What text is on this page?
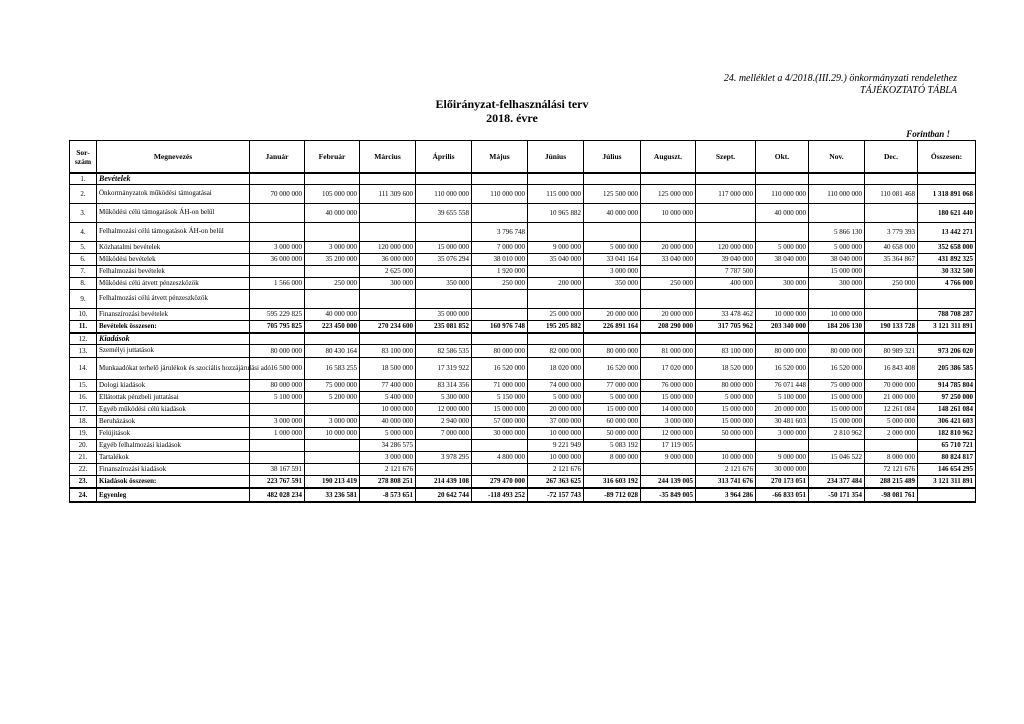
24. melléklet a 4/2018.(III.29.) önkormányzati rendelethez
TÁJÉKOZTATÓ TÁBLA
Előirányzat-felhasználási terv
2018. évre
Forintban !
Sor-
szám	Megnevezés	Január	Február	Március	Április	Május	Június	Július	Auguszt.	Szept.	Okt.	Nov.	Dec.	Összesen:
1.	Bevételek													
2.	Önkormányzatok működési támogatásai	70 000 000	105 000 000	111 309 600	110 000 000	110 000 000	115 000 000	125 500 000	125 000 000	117 000 000	110 000 000	110 000 000	110 081 468	1 318 891 068
3.	Működési célú támogatások ÁH-on belül		40 000 000		39 655 558		10 965 882	40 000 000	10 000 000		40 000 000			180 621 440
4.	Felhalmozási célú támogatások ÁH-on belül					3 796 748						5 866 130	3 779 393	13 442 271
5.	Közhatalmi bevételek	3 000 000	3 000 000	120 000 000	15 000 000	7 000 000	9 000 000	5 000 000	20 000 000	120 000 000	5 000 000	5 000 000	40 658 000	352 658 000
6.	Működési bevételek	36 000 000	35 200 000	36 000 000	35 076 294	38 010 000	35 040 000	33 041 164	33 040 000	39 040 000	38 040 000	38 040 000	35 364 867	431 892 325
7.	Felhalmozási bevételek			2 625 000		1 920 000		3 000 000		7 787 500		15 000 000		30 332 500
8.	Működési célú átvett pénzeszközök	1 566 000	250 000	300 000	350 000	250 000	200 000	350 000	250 000	400 000	300 000	300 000	250 000	4 766 000
9.	Felhalmozási célú átvett pénzeszközök													
10.	Finanszírozási bevételek	595 229 825	40 000 000		35 000 000		25 000 000	20 000 000	20 000 000	33 478 462	10 000 000	10 000 000		788 708 287
11.	Bevételek összesen:	705 795 825	223 450 000	270 234 600	235 081 852	160 976 748	195 205 882	226 891 164	208 290 000	317 705 962	203 340 000	184 206 130	190 133 728	3 121 311 891
12.	Kiadások													
13.	Személyi juttatások	80 000 000	80 430 164	83 100 000	82 586 535	80 000 000	82 000 000	80 000 000	81 000 000	83 100 000	80 000 000	80 000 000	80 989 321	973 206 020
14.	Munkaadókat terhelő járulékok és szociális hozzájárulási adó	16 500 000	16 583 255	18 500 000	17 319 922	16 520 000	18 020 000	16 520 000	17 020 000	18 520 000	16 520 000	16 520 000	16 843 408	205 386 585
15.	Dologi kiadások	80 000 000	75 000 000	77 400 000	83 314 356	71 000 000	74 000 000	77 000 000	76 000 000	80 000 000	76 071 448	75 000 000	70 000 000	914 785 804
16.	Ellátottak pénzbeli juttatásai	5 100 000	5 200 000	5 400 000	5 300 000	5 150 000	5 000 000	5 000 000	15 000 000	5 000 000	5 100 000	15 000 000	21 000 000	97 250 000
17.	Egyéb működési célú kiadások			10 000 000	12 000 000	15 000 000	20 000 000	15 000 000	14 000 000	15 000 000	20 000 000	15 000 000	12 261 084	148 261 084
18.	Beruházások	3 000 000	3 000 000	40 000 000	2 940 000	57 000 000	37 000 000	60 000 000	3 000 000	15 000 000	30 481 603	15 000 000	5 000 000	306 421 603
19.	Felújítások	1 000 000	10 000 000	5 000 000	7 000 000	30 000 000	10 000 000	50 000 000	12 000 000	50 000 000	3 000 000	2 810 962	2 000 000	182 810 962
20.	Egyéb felhalmozási kiadások			34 286 575			9 221 949	5 083 192	17 119 005					65 710 721
21.	Tartalékok			3 000 000	3 978 295	4 800 000	10 000 000	8 000 000	9 000 000	10 000 000	9 000 000	15 046 522	8 000 000	80 824 817
22.	Finanszírozási kiadások	38 167 591		2 121 676			2 121 676			2 121 676	30 000 000		72 121 676	146 654 295
23.	Kiadások összesen:	223 767 591	190 213 419	278 808 251	214 439 108	279 470 000	267 363 625	316 603 192	244 139 005	313 741 676	270 173 051	234 377 484	288 215 489	3 121 311 891
24.	Egyenleg	482 028 234	33 236 581	-8 573 651	20 642 744	-118 493 252	-72 157 743	-89 712 028	-35 849 005	3 964 286	-66 833 051	-50 171 354	-98 081 761	
